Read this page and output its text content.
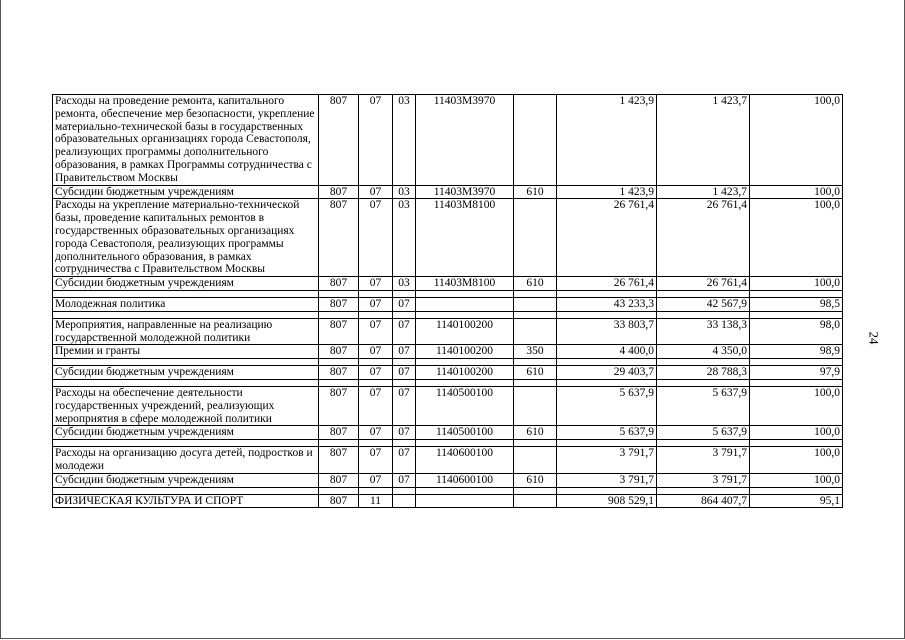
Расходы на проведение ремонта, капитального ремонта, обеспечение мер безопасности, укрепление материально-технической базы в государственных образовательных организациях города Севастополя, реализующих программы дополнительного образования, в рамках Программы сотрудничества с Правительством Москвы	807	07	03	11403М3970		1 423,9	1 423,7	100,0
Субсидии бюджетным учреждениям	807	07	03	11403М3970	610	1 423,9	1 423,7	100,0
Расходы на укрепление материально-технической базы, проведение капитальных ремонтов в государственных образовательных организациях города Севастополя, реализующих программы дополнительного образования, в рамках сотрудничества с Правительством Москвы	807	07	03	11403М8100		26 761,4	26 761,4	100,0
Субсидии бюджетным учреждениям	807	07	03	11403М8100	610	26 761,4	26 761,4	100,0

Молодежная политика	807	07	07			43 233,3	42 567,9	98,5

Мероприятия, направленные на реализацию государственной молодежной политики	807	07	07	1140100200		33 803,7	33 138,3	98,0
Премии и гранты	807	07	07	1140100200	350	4 400,0	4 350,0	98,9

Субсидии бюджетным учреждениям	807	07	07	1140100200	610	29 403,7	28 788,3	97,9

Расходы на обеспечение деятельности государственных учреждений, реализующих мероприятия в сфере молодежной политики	807	07	07	1140500100		5 637,9	5 637,9	100,0
Субсидии бюджетным учреждениям	807	07	07	1140500100	610	5 637,9	5 637,9	100,0

Расходы на организацию досуга детей, подростков и молодежи	807	07	07	1140600100		3 791,7	3 791,7	100,0
Субсидии бюджетным учреждениям	807	07	07	1140600100	610	3 791,7	3 791,7	100,0

ФИЗИЧЕСКАЯ КУЛЬТУРА И СПОРТ	807	11				908 529,1	864 407,7	95,1
24
